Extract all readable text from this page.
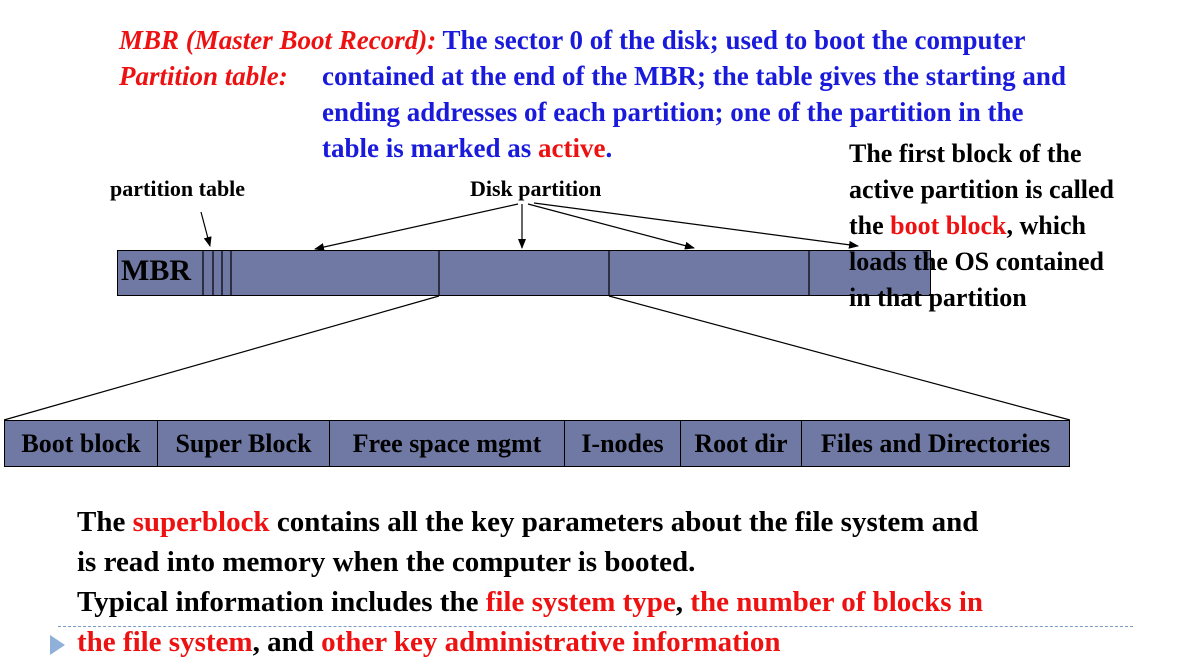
MBR (Master Boot Record): The sector 0 of the disk; used to boot the computer
Partition table: contained at the end of the MBR; the table gives the starting and
ending addresses of each partition; one of the partition in the
table is marked as active.
partition table	Disk partition
MBR
The first block of the
active partition is called
the boot block, which
loads the OS contained
in that partition
Boot block	Super Block	Free space mgmt	I-nodes	Root dir	Files and Directories
The superblock contains all the key parameters about the file system and
is read into memory when the computer is booted.
Typical information includes the file system type, the number of blocks in
the file system, and other key administrative information
